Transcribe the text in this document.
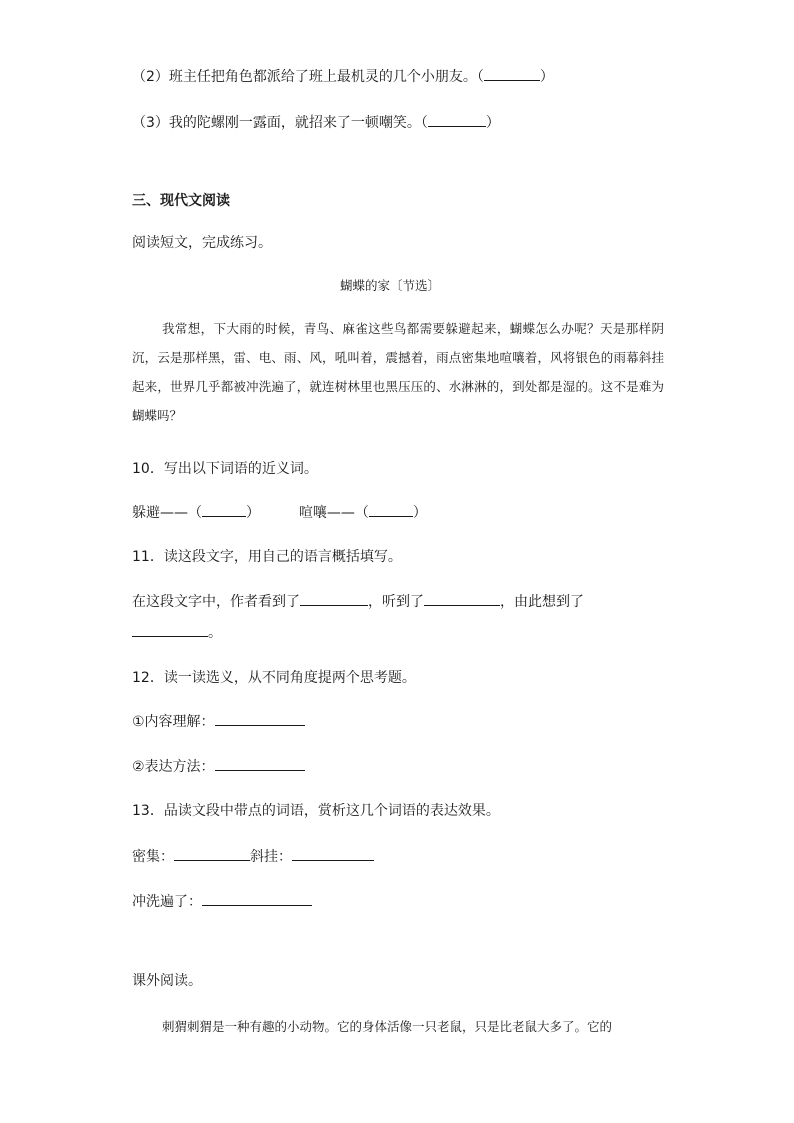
（2）班主任把角色都派给了班上最机灵的几个小朋友。（	）
（3）我的陀螺刚一露面，就招来了一顿嘲笑。（	）
三、现代文阅读
阅读短文，完成练习。
蝴蝶的家〔节选〕
我常想，下大雨的时候，青鸟、麻雀这些鸟都需要躲避起来，蝴蝶怎么办呢？天是那样阴沉，云是那样黑，雷、电、雨、风，吼叫着，震撼着，雨点密集地喧嚷着，风将银色的雨幕斜挂起来，世界几乎都被冲洗遍了，就连树林里也黑压压的、水淋淋的，到处都是湿的。这不是难为蝴蝶吗？
10．写出以下词语的近义词。
躲避——（	）	喧嚷——（	）
11．读这段文字，用自己的语言概括填写。
在这段文字中，作者看到了	，听到了	，由此想到了
。
12．读一读选义，从不同角度提两个思考题。
①内容理解：
②表达方法：
13．品读文段中带点的词语，赏析这几个词语的表达效果。
密集：	斜挂：
冲洗遍了：
课外阅读。
刺猬刺猬是一种有趣的小动物。它的身体活像一只老鼠，只是比老鼠大多了。它的
